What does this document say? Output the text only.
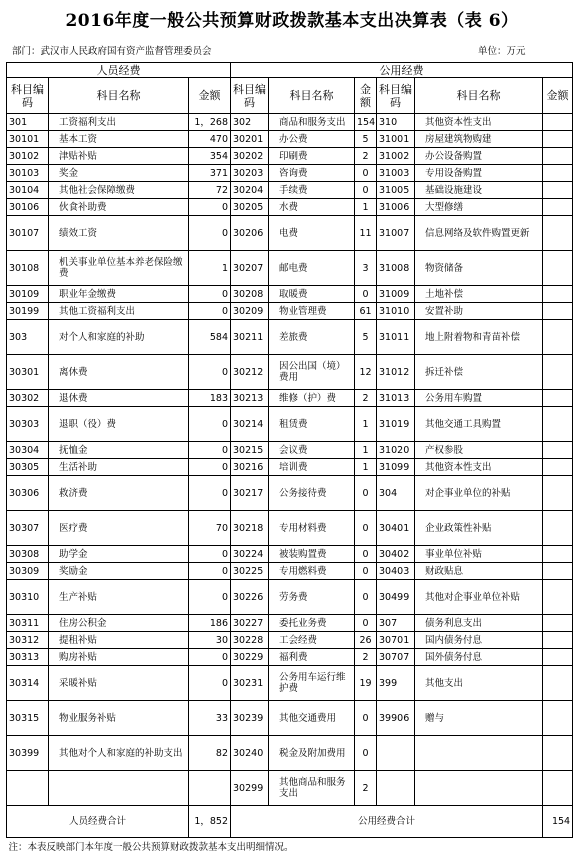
2016年度一般公共预算财政拨款基本支出决算表（表 6）
部门：武汉市人民政府国有资产监督管理委员会	单位：万元
人员经费			公用经费					
科目编码	科目名称	金额	科目编码	科目名称	金额	科目编码	科目名称	金额
301	工资福利支出	1，268	302	商品和服务支出	154	310	其他资本性支出	
30101	基本工资	470	30201	办公费	5	31001	房屋建筑物购建	
30102	津贴补贴	354	30202	印刷费	2	31002	办公设备购置	
30103	奖金	371	30203	咨询费	0	31003	专用设备购置	
30104	其他社会保障缴费	72	30204	手续费	0	31005	基础设施建设	
30106	伙食补助费	0	30205	水费	1	31006	大型修缮	
30107	绩效工资	0	30206	电费	11	31007	信息网络及软件购置更新	
30108	机关事业单位基本养老保险缴费	1	30207	邮电费	3	31008	物资储备	
30109	职业年金缴费	0	30208	取暖费	0	31009	土地补偿	
30199	其他工资福利支出	0	30209	物业管理费	61	31010	安置补助	
303	对个人和家庭的补助	584	30211	差旅费	5	31011	地上附着物和青苗补偿	
30301	离休费	0	30212	因公出国（境）费用	12	31012	拆迁补偿	
30302	退休费	183	30213	维修（护）费	2	31013	公务用车购置	
30303	退职（役）费	0	30214	租赁费	1	31019	其他交通工具购置	
30304	抚恤金	0	30215	会议费	1	31020	产权参股	
30305	生活补助	0	30216	培训费	1	31099	其他资本性支出	
30306	救济费	0	30217	公务接待费	0	304	对企事业单位的补贴	
30307	医疗费	70	30218	专用材料费	0	30401	企业政策性补贴	
30308	助学金	0	30224	被装购置费	0	30402	事业单位补贴	
30309	奖励金	0	30225	专用燃料费	0	30403	财政贴息	
30310	生产补贴	0	30226	劳务费	0	30499	其他对企事业单位补贴	
30311	住房公积金	186	30227	委托业务费	0	307	债务利息支出	
30312	提租补贴	30	30228	工会经费	26	30701	国内债务付息	
30313	购房补贴	0	30229	福利费	2	30707	国外债务付息	
30314	采暖补贴	0	30231	公务用车运行维护费	19	399	其他支出	
30315	物业服务补贴	33	30239	其他交通费用	0	39906	赠与	
30399	其他对个人和家庭的补助支出	82	30240	税金及附加费用	0			
			30299	其他商品和服务支出	2			
人员经费合计		1，852	公用经费合计					154
注：本表反映部门本年度一般公共预算财政拨款基本支出明细情况。								
